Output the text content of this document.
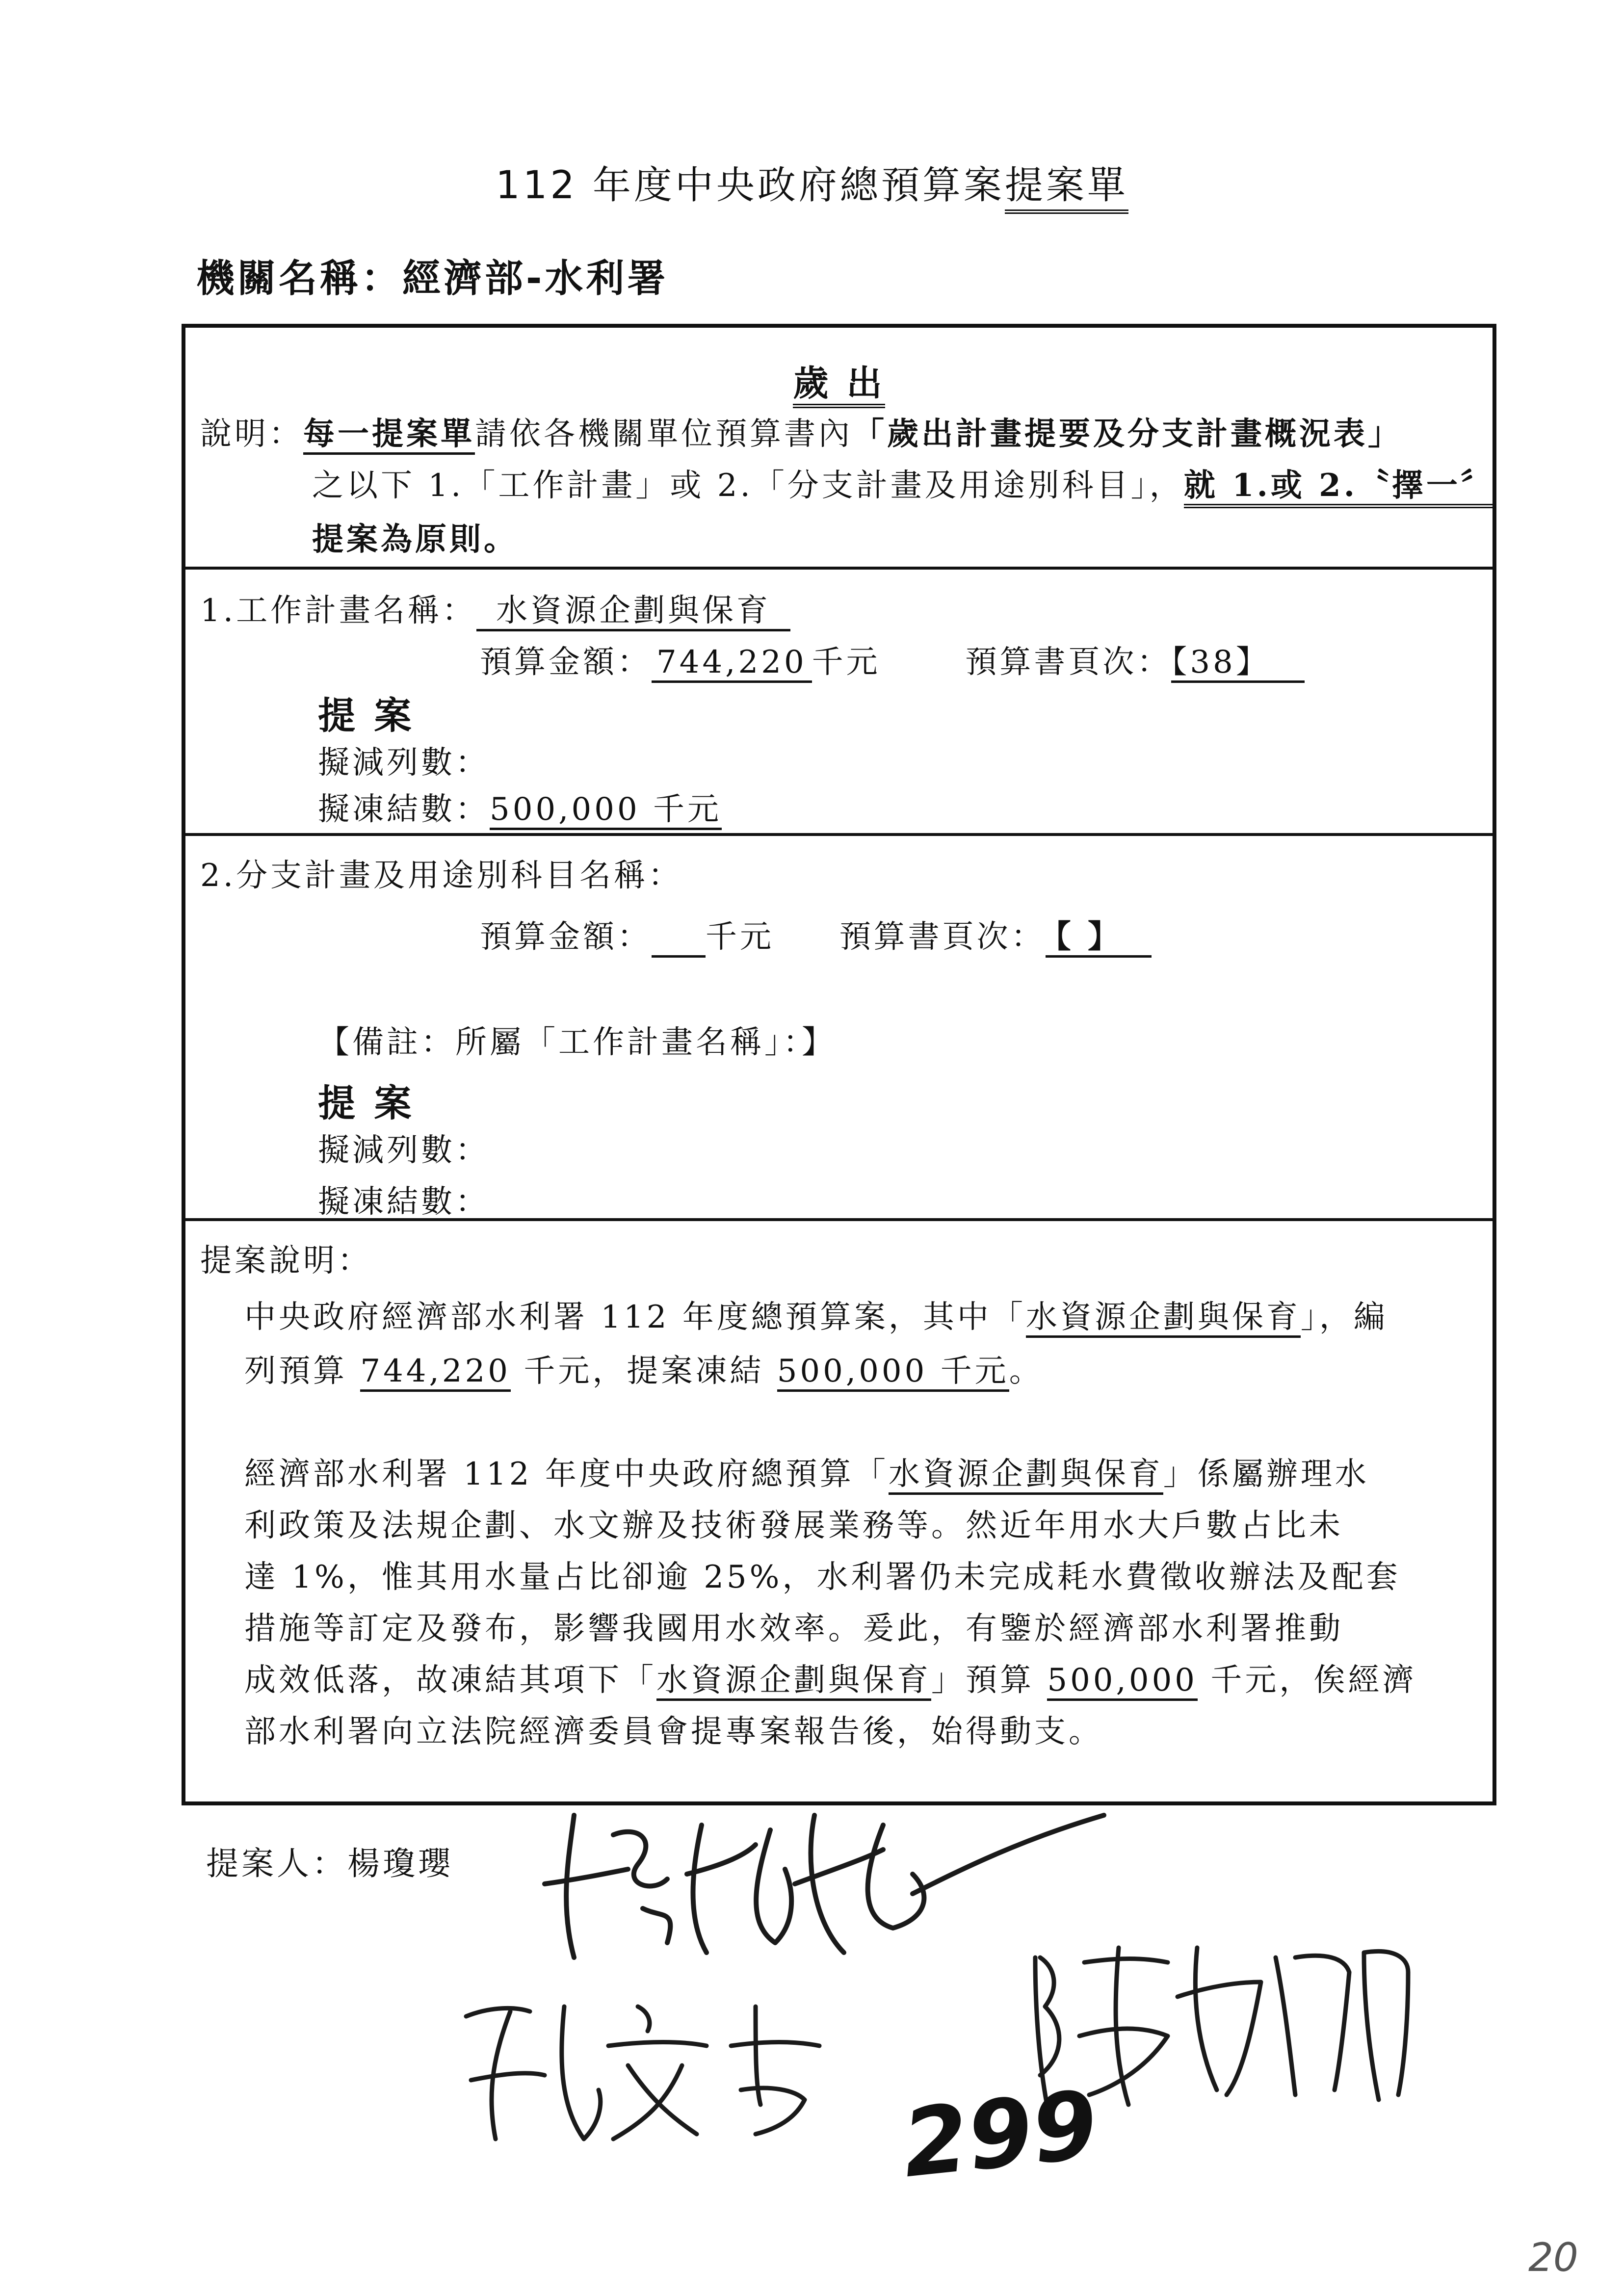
112 年度中央政府總預算案提案單
機關名稱：經濟部-水利署
歲 出
說明：每一提案單請依各機關單位預算書內「歲出計畫提要及分支計畫概況表」
之以下 1.「工作計畫」或 2.「分支計畫及用途別科目」，就 1.或 2.〝擇一〞
提案為原則。
1.工作計畫名稱： 水資源企劃與保育
預算金額： 744,220 千元	預算書頁次：【38】
提 案
擬減列數：
擬凍結數：500,000 千元
2.分支計畫及用途別科目名稱：
預算金額： 千元 預算書頁次： 【 】
【備註：所屬「工作計畫名稱」：】
提 案
擬減列數：
擬凍結數：
提案說明：
中央政府經濟部水利署 112 年度總預算案，其中「水資源企劃與保育」，編
列預算 744,220 千元，提案凍結 500,000 千元。
經濟部水利署 112 年度中央政府總預算「水資源企劃與保育」係屬辦理水
利政策及法規企劃、水文辦及技術發展業務等。然近年用水大戶數占比未
達 1%，惟其用水量占比卻逾 25%，水利署仍未完成耗水費徵收辦法及配套
措施等訂定及發布，影響我國用水效率。爰此，有鑒於經濟部水利署推動
成效低落，故凍結其項下「水資源企劃與保育」預算 500,000 千元，俟經濟
部水利署向立法院經濟委員會提專案報告後，始得動支。
提案人：楊瓊瓔
299
20
